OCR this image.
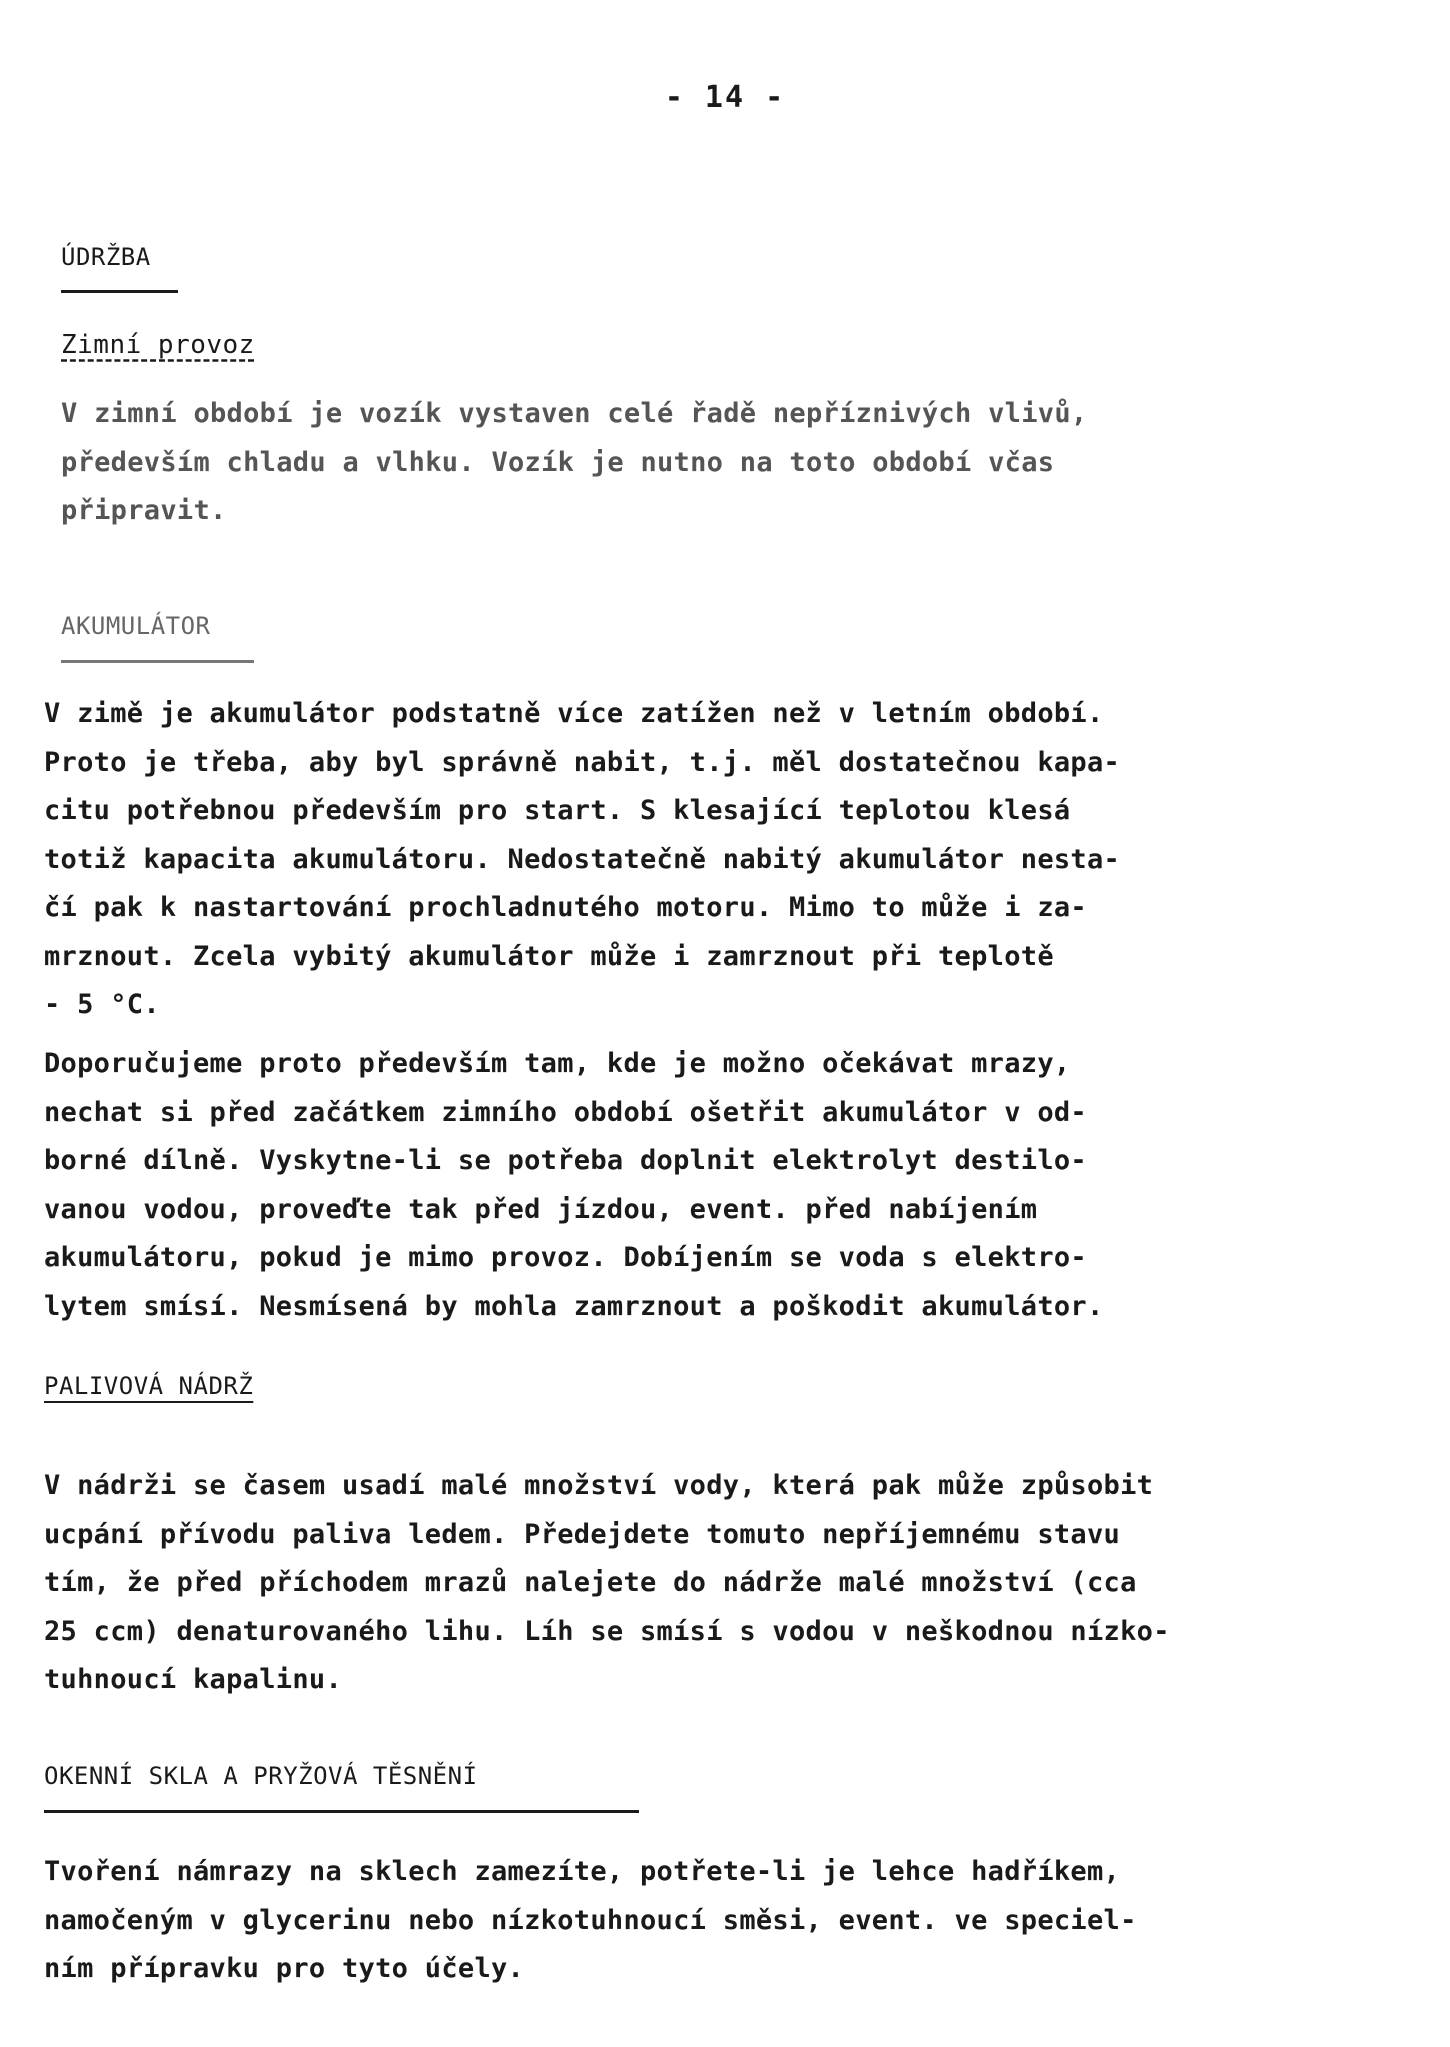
- 14 -
ÚDRŽBA
Zimní provoz
V zimní období je vozík vystaven celé řadě nepříznivých vlivů,
především chladu a vlhku. Vozík je nutno na toto období včas
připravit.
AKUMULÁTOR
V zimě je akumulátor podstatně více zatížen než v letním období.
Proto je třeba, aby byl správně nabit, t.j. měl dostatečnou kapa-
citu potřebnou především pro start. S klesající teplotou klesá
totiž kapacita akumulátoru. Nedostatečně nabitý akumulátor nesta-
čí pak k nastartování prochladnutého motoru. Mimo to může i za-
mrznout. Zcela vybitý akumulátor může i zamrznout při teplotě
- 5 °C.
Doporučujeme proto především tam, kde je možno očekávat mrazy,
nechat si před začátkem zimního období ošetřit akumulátor v od-
borné dílně. Vyskytne-li se potřeba doplnit elektrolyt destilo-
vanou vodou, proveďte tak před jízdou, event. před nabíjením
akumulátoru, pokud je mimo provoz. Dobíjením se voda s elektro-
lytem smísí. Nesmísená by mohla zamrznout a poškodit akumulátor.
PALIVOVÁ NÁDRŽ
V nádrži se časem usadí malé množství vody, která pak může způsobit
ucpání přívodu paliva ledem. Předejdete tomuto nepříjemnému stavu
tím, že před příchodem mrazů nalejete do nádrže malé množství (cca
25 ccm) denaturovaného lihu. Líh se smísí s vodou v neškodnou nízko-
tuhnoucí kapalinu.
OKENNÍ SKLA A PRYŽOVÁ TĚSNĚNÍ
Tvoření námrazy na sklech zamezíte, potřete-li je lehce hadříkem,
namočeným v glycerinu nebo nízkotuhnoucí směsi, event. ve speciel-
ním přípravku pro tyto účely.
